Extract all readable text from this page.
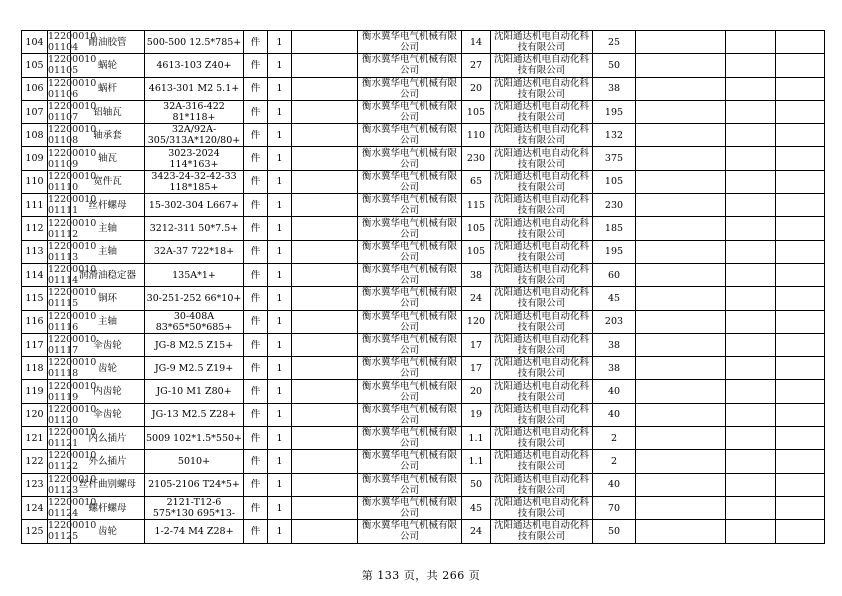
104	12200010 01104	耐油胶管	500-500 12.5*785+	件	1		衡水冀华电气机械有限公司	14	沈阳通达机电自动化科技有限公司	25			
105	12200010 01105	蜗轮	4613-103 Z40+	件	1		衡水冀华电气机械有限公司	27	沈阳通达机电自动化科技有限公司	50			
106	12200010 01106	蜗杆	4613-301 M2 5.1+	件	1		衡水冀华电气机械有限公司	20	沈阳通达机电自动化科技有限公司	38			
107	12200010 01107	铝轴瓦	32A-316-422 81*118+	件	1		衡水冀华电气机械有限公司	105	沈阳通达机电自动化科技有限公司	195			
108	12200010 01108	轴承套	32A/92A-305/313A*120/80+	件	1		衡水冀华电气机械有限公司	110	沈阳通达机电自动化科技有限公司	132			
109	12200010 01109	轴瓦	3023-2024 114*163+	件	1		衡水冀华电气机械有限公司	230	沈阳通达机电自动化科技有限公司	375			
110	12200010 01110	宽件瓦	3423-24-32-42-33 118*185+	件	1		衡水冀华电气机械有限公司	65	沈阳通达机电自动化科技有限公司	105			
111	12200010 01111	丝杆螺母	15-302-304 L667+	件	1		衡水冀华电气机械有限公司	115	沈阳通达机电自动化科技有限公司	230			
112	12200010 01112	主轴	3212-311 50*7.5+	件	1		衡水冀华电气机械有限公司	105	沈阳通达机电自动化科技有限公司	185			
113	12200010 01113	主轴	32A-37 722*18+	件	1		衡水冀华电气机械有限公司	105	沈阳通达机电自动化科技有限公司	195			
114	12200010 01114	润滑油稳定器	135A*1+	件	1		衡水冀华电气机械有限公司	38	沈阳通达机电自动化科技有限公司	60			
115	12200010 01115	铜环	30-251-252 66*10+	件	1		衡水冀华电气机械有限公司	24	沈阳通达机电自动化科技有限公司	45			
116	12200010 01116	主轴	30-408A 83*65*50*685+	件	1		衡水冀华电气机械有限公司	120	沈阳通达机电自动化科技有限公司	203			
117	12200010 01117	伞齿轮	JG-8 M2.5 Z15+	件	1		衡水冀华电气机械有限公司	17	沈阳通达机电自动化科技有限公司	38			
118	12200010 01118	齿轮	JG-9 M2.5 Z19+	件	1		衡水冀华电气机械有限公司	17	沈阳通达机电自动化科技有限公司	38			
119	12200010 01119	内齿轮	JG-10 M1 Z80+	件	1		衡水冀华电气机械有限公司	20	沈阳通达机电自动化科技有限公司	40			
120	12200010 01120	伞齿轮	JG-13 M2.5 Z28+	件	1		衡水冀华电气机械有限公司	19	沈阳通达机电自动化科技有限公司	40			
121	12200010 01121	内么插片	5009 102*1.5*550+	件	1		衡水冀华电气机械有限公司	1.1	沈阳通达机电自动化科技有限公司	2			
122	12200010 01122	外么插片	5010+	件	1		衡水冀华电气机械有限公司	1.1	沈阳通达机电自动化科技有限公司	2			
123	12200010 01123	丝杆曲别螺母	2105-2106 T24*5+	件	1		衡水冀华电气机械有限公司	50	沈阳通达机电自动化科技有限公司	40			
124	12200010 01124	螺杆螺母	2121-T12-6 575*130 695*13-	件	1		衡水冀华电气机械有限公司	45	沈阳通达机电自动化科技有限公司	70			
125	12200010 01125	齿轮	1-2-74 M4 Z28+	件	1		衡水冀华电气机械有限公司	24	沈阳通达机电自动化科技有限公司	50			
第 133 页，共 266 页
